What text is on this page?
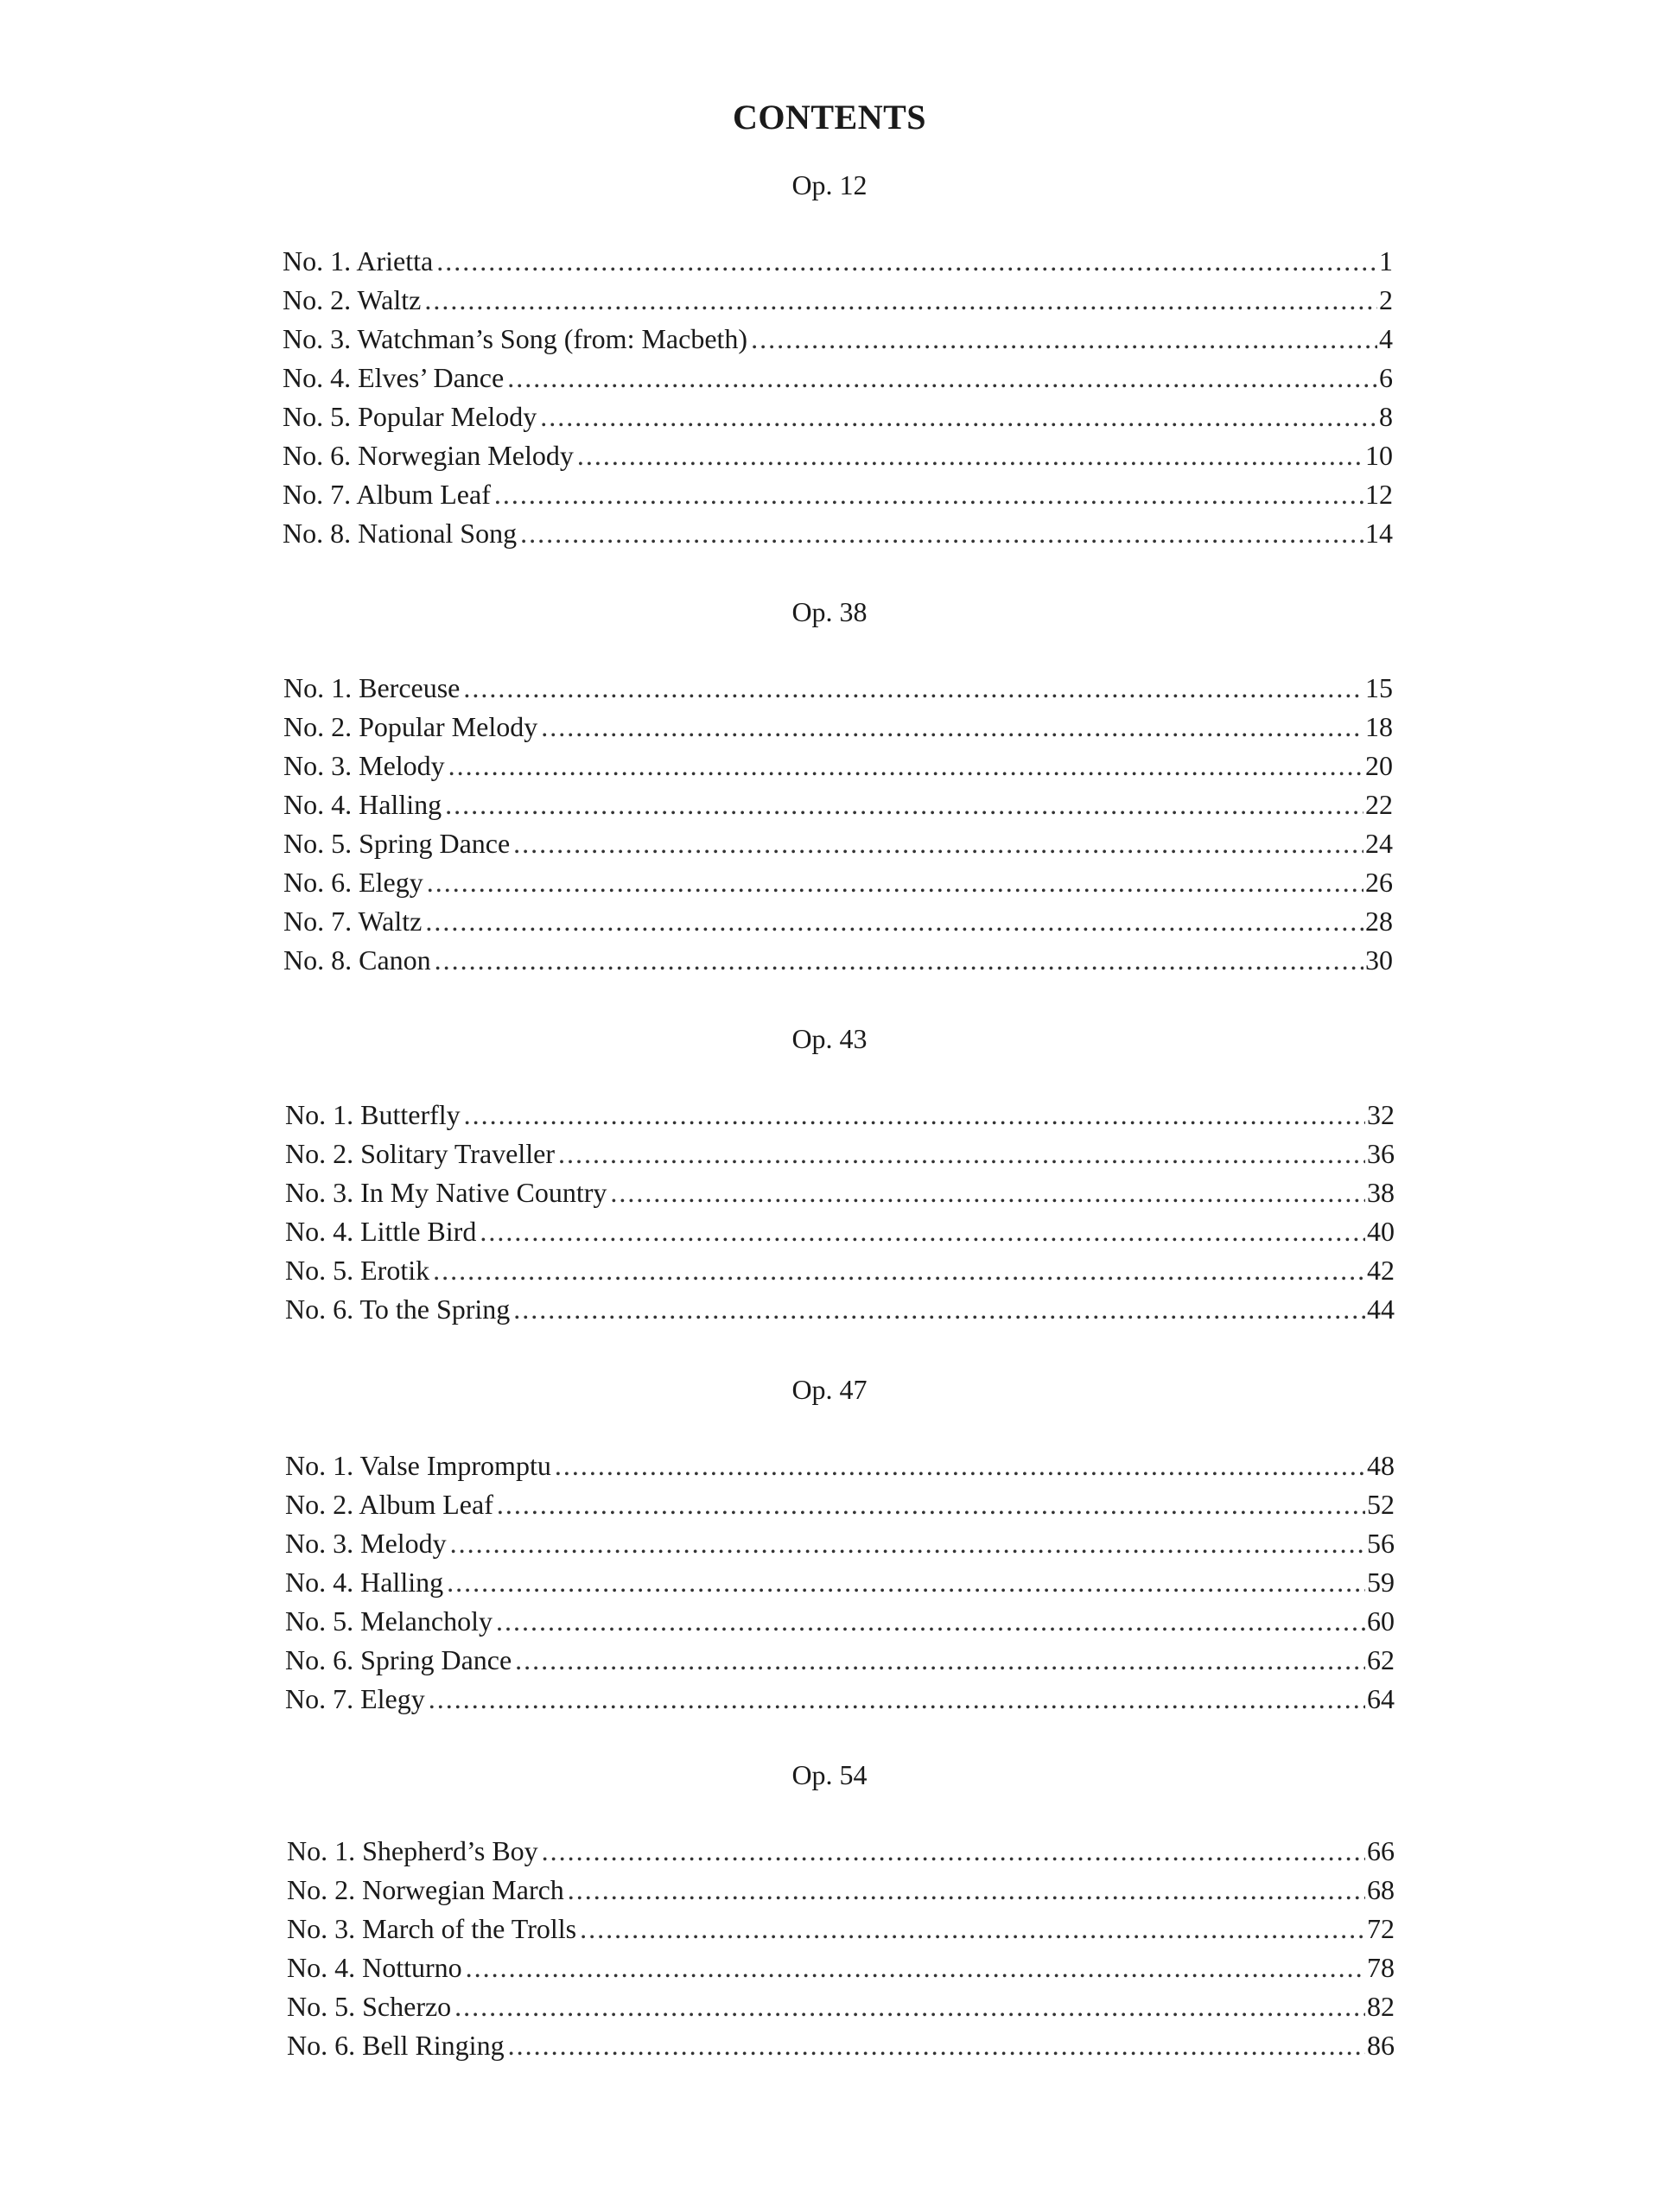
CONTENTS
Op. 12
No. 1. Arietta .....	1
No. 2. Waltz .....	2
No. 3. Watchman’s Song (from: Macbeth) .....	4
No. 4. Elves’ Dance .....	6
No. 5. Popular Melody .....	8
No. 6. Norwegian Melody .....	10
No. 7. Album Leaf .....	12
No. 8. National Song .....	14
Op. 38
No. 1. Berceuse .....	15
No. 2. Popular Melody .....	18
No. 3. Melody .....	20
No. 4. Halling .....	22
No. 5. Spring Dance .....	24
No. 6. Elegy .....	26
No. 7. Waltz .....	28
No. 8. Canon .....	30
Op. 43
No. 1. Butterfly .....	32
No. 2. Solitary Traveller .....	36
No. 3. In My Native Country .....	38
No. 4. Little Bird .....	40
No. 5. Erotik .....	42
No. 6. To the Spring .....	44
Op. 47
No. 1. Valse Impromptu .....	48
No. 2. Album Leaf .....	52
No. 3. Melody .....	56
No. 4. Halling .....	59
No. 5. Melancholy .....	60
No. 6. Spring Dance .....	62
No. 7. Elegy .....	64
Op. 54
No. 1. Shepherd’s Boy .....	66
No. 2. Norwegian March .....	68
No. 3. March of the Trolls .....	72
No. 4. Notturno .....	78
No. 5. Scherzo .....	82
No. 6. Bell Ringing .....	86
